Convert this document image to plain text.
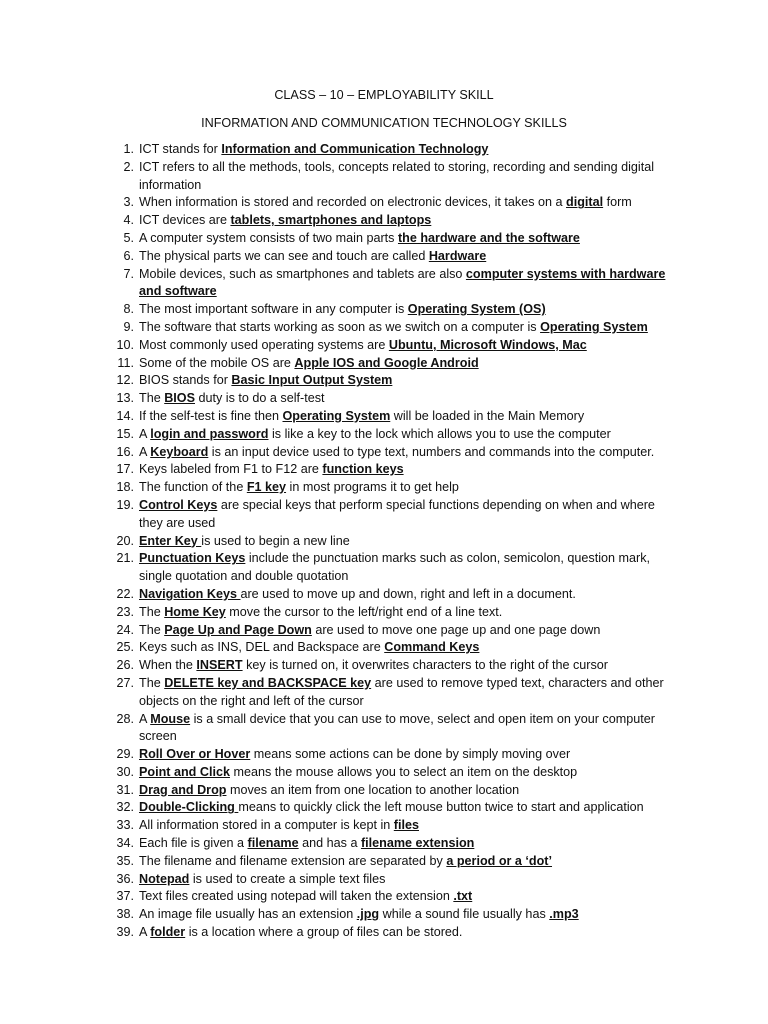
CLASS – 10 – EMPLOYABILITY SKILL
INFORMATION AND COMMUNICATION TECHNOLOGY SKILLS
1. ICT stands for Information and Communication Technology
2. ICT refers to all the methods, tools, concepts related to storing, recording and sending digital information
3. When information is stored and recorded on electronic devices, it takes on a digital form
4. ICT devices are tablets, smartphones and laptops
5. A computer system consists of two main parts the hardware and the software
6. The physical parts we can see and touch are called Hardware
7. Mobile devices, such as smartphones and tablets are also computer systems with hardware and software
8. The most important software in any computer is Operating System (OS)
9. The software that starts working as soon as we switch on a computer is Operating System
10. Most commonly used operating systems are Ubuntu, Microsoft Windows, Mac
11. Some of the mobile OS are Apple IOS and Google Android
12. BIOS stands for Basic Input Output System
13. The BIOS duty is to do a self-test
14. If the self-test is fine then Operating System will be loaded in the Main Memory
15. A login and password is like a key to the lock which allows you to use the computer
16. A Keyboard is an input device used to type text, numbers and commands into the computer.
17. Keys labeled from F1 to F12 are function keys
18. The function of the F1 key in most programs it to get help
19. Control Keys are special keys that perform special functions depending on when and where they are used
20. Enter Key is used to begin a new line
21. Punctuation Keys include the punctuation marks such as colon, semicolon, question mark, single quotation and double quotation
22. Navigation Keys are used to move up and down, right and left in a document.
23. The Home Key move the cursor to the left/right end of a line text.
24. The Page Up and Page Down are used to move one page up and one page down
25. Keys such as INS, DEL and Backspace are Command Keys
26. When the INSERT key is turned on, it overwrites characters to the right of the cursor
27. The DELETE key and BACKSPACE key are used to remove typed text, characters and other objects on the right and left of the cursor
28. A Mouse is a small device that you can use to move, select and open item on your computer screen
29. Roll Over or Hover means some actions can be done by simply moving over
30. Point and Click means the mouse allows you to select an item on the desktop
31. Drag and Drop moves an item from one location to another location
32. Double-Clicking means to quickly click the left mouse button twice to start and application
33. All information stored in a computer is kept in files
34. Each file is given a filename and has a filename extension
35. The filename and filename extension are separated by a period or a ‘dot’
36. Notepad is used to create a simple text files
37. Text files created using notepad will taken the extension .txt
38. An image file usually has an extension .jpg while a sound file usually has .mp3
39. A folder is a location where a group of files can be stored.
